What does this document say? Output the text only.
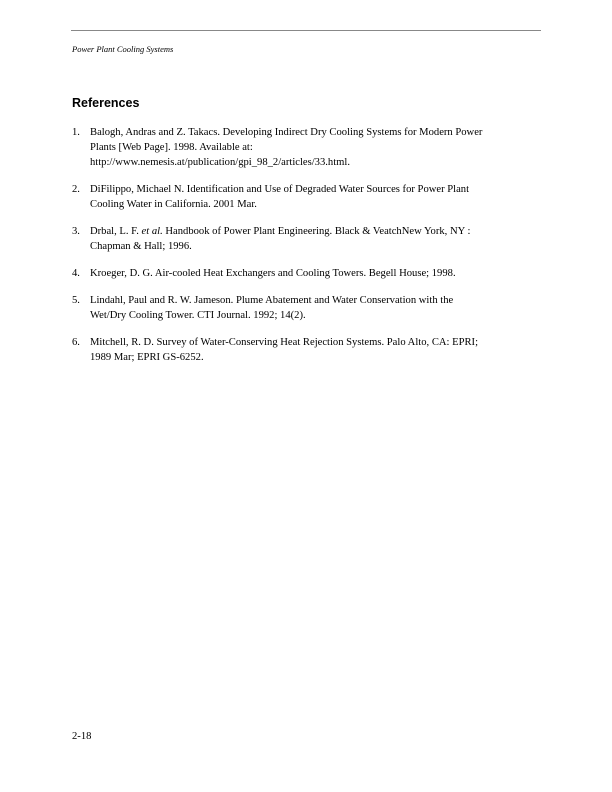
Power Plant Cooling Systems
References
1. Balogh, Andras and Z. Takacs. Developing Indirect Dry Cooling Systems for Modern Power
Plants [Web Page]. 1998. Available at:
http://www.nemesis.at/publication/gpi_98_2/articles/33.html.
2. DiFilippo, Michael N. Identification and Use of Degraded Water Sources for Power Plant
Cooling Water in California. 2001 Mar.
3. Drbal, L. F. et al. Handbook of Power Plant Engineering. Black & VeatchNew York, NY :
Chapman & Hall; 1996.
4. Kroeger, D. G. Air-cooled Heat Exchangers and Cooling Towers. Begell House; 1998.
5. Lindahl, Paul and R. W. Jameson. Plume Abatement and Water Conservation with the
Wet/Dry Cooling Tower. CTI Journal. 1992; 14(2).
6. Mitchell, R. D. Survey of Water-Conserving Heat Rejection Systems. Palo Alto, CA: EPRI;
1989 Mar; EPRI GS-6252.
2-18
